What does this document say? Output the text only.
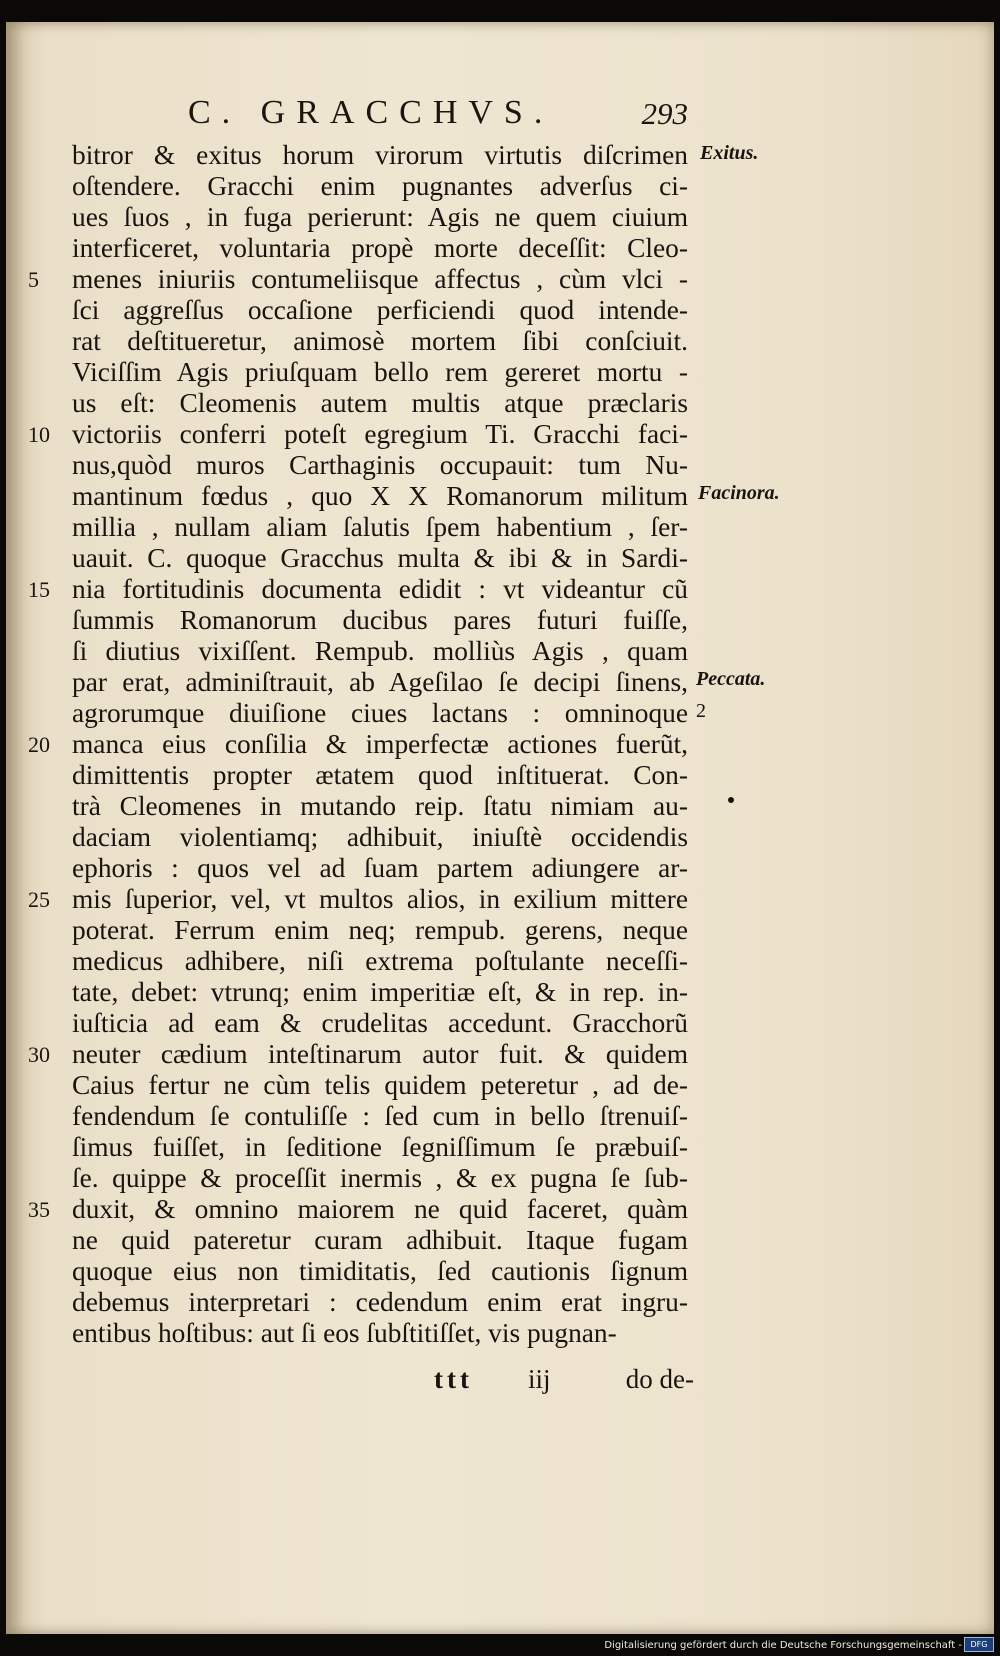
C. GRACCHVS.	293
bitror & exitus horum virorum virtutis diſcrimen
oſtendere. Gracchi enim pugnantes adverſus ci-
ues ſuos , in fuga perierunt: Agis ne quem ciuium
interficeret, voluntaria propè morte deceſſit: Cleo-
5	menes iniuriis contumeliisque affectus , cùm vlci -
ſci aggreſſus occaſione perficiendi quod intende-
rat deſtitueretur, animosè mortem ſibi conſciuit.
Viciſſim Agis priuſquam bello rem gereret mortu -
us eſt: Cleomenis autem multis atque præclaris
10 victoriis conferri poteſt egregium Ti. Gracchi faci-
nus,quòd muros Carthaginis occupauit: tum Nu-
mantinum fœdus , quo X X Romanorum militum
millia , nullam aliam ſalutis ſpem habentium , ſer-
uauit. C. quoque Gracchus multa & ibi & in Sardi-
15 nia fortitudinis documenta edidit : vt videantur cũ
ſummis Romanorum ducibus pares futuri fuiſſe,
ſi diutius vixiſſent. Rempub. molliùs Agis , quam
par erat, adminiſtrauit, ab Ageſilao ſe decipi ſinens,
agrorumque diuiſione ciues lactans : omninoque
20 manca eius conſilia & imperfectæ actiones fuerũt,
dimittentis propter ætatem quod inſtituerat. Con-
trà Cleomenes in mutando reip. ſtatu nimiam au-
daciam violentiamq; adhibuit, iniuſtè occidendis
ephoris : quos vel ad ſuam partem adiungere ar-
25 mis ſuperior, vel, vt multos alios, in exilium mittere
poterat. Ferrum enim neq; rempub. gerens, neque
medicus adhibere, niſi extrema poſtulante neceſſi-
tate, debet: vtrunq; enim imperitiæ eſt, & in rep. in-
iuſticia ad eam & crudelitas accedunt. Gracchorũ
30 neuter cædium inteſtinarum autor fuit. & quidem
Caius fertur ne cùm telis quidem peteretur , ad de-
fendendum ſe contuliſſe : ſed cum in bello ſtrenuiſ-
ſimus fuiſſet, in ſeditione ſegniſſimum ſe præbuiſ-
ſe. quippe & proceſſit inermis , & ex pugna ſe ſub-
35 duxit, & omnino maiorem ne quid faceret, quàm
ne quid pateretur curam adhibuit. Itaque fugam
quoque eius non timiditatis, ſed cautionis ſignum
debemus interpretari : cedendum enim erat ingru-
entibus hoſtibus: aut ſi eos ſubſtitiſſet, vis pugnan-
ttt iij	do de-
Exitus.
Facinora.
Peccata.
2
Digitalisierung gefördert durch die Deutsche Forschungsgemeinschaft -	DFG
